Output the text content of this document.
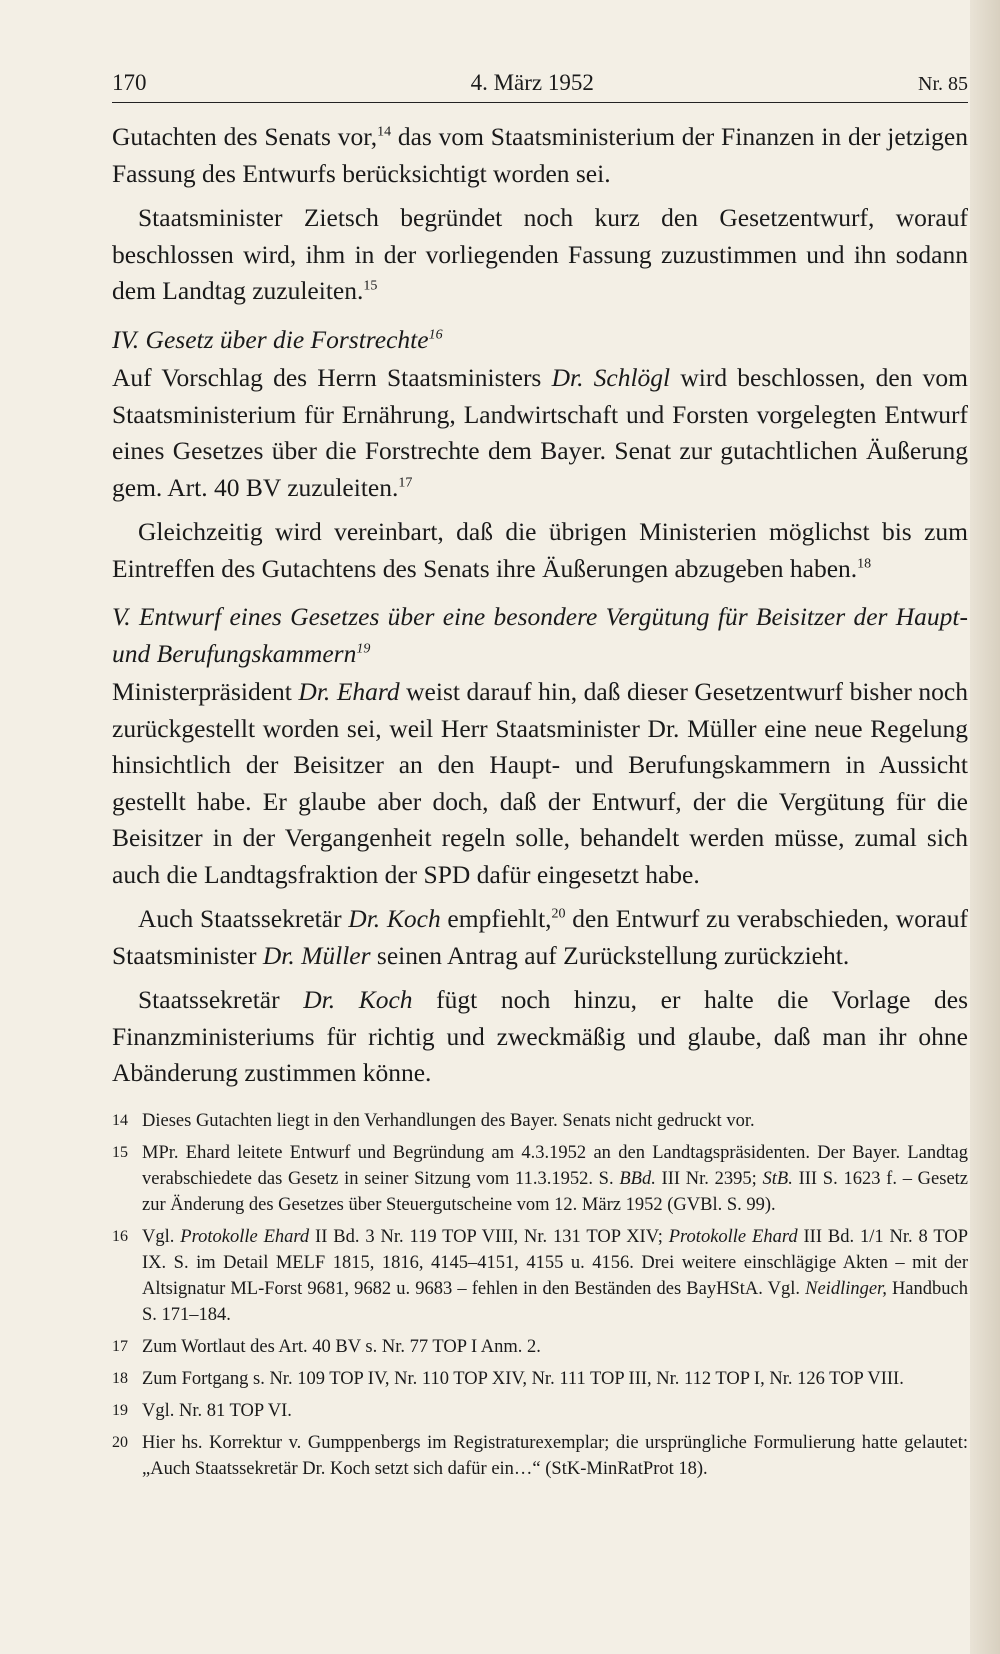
170	4. März 1952	Nr. 85

Gutachten des Senats vor,$^{14}$ das vom Staatsministerium der Finanzen in der jetzigen Fassung des Entwurfs berücksichtigt worden sei.

Staatsminister Zietsch begründet noch kurz den Gesetzentwurf, worauf beschlossen wird, ihm in der vorliegenden Fassung zuzustimmen und ihn sodann dem Landtag zuzuleiten.$^{15}$

IV. Gesetz über die Forstrechte$^{16}$

Auf Vorschlag des Herrn Staatsministers Dr. Schlögl wird beschlossen, den vom Staatsministerium für Ernährung, Landwirtschaft und Forsten vorgelegten Entwurf eines Gesetzes über die Forstrechte dem Bayer. Senat zur gutachtlichen Äußerung gem. Art. 40 BV zuzuleiten.$^{17}$

Gleichzeitig wird vereinbart, daß die übrigen Ministerien möglichst bis zum Eintreffen des Gutachtens des Senats ihre Äußerungen abzugeben haben.$^{18}$

V. Entwurf eines Gesetzes über eine besondere Vergütung für Beisitzer der Haupt- und Berufungskammern$^{19}$

Ministerpräsident Dr. Ehard weist darauf hin, daß dieser Gesetzentwurf bisher noch zurückgestellt worden sei, weil Herr Staatsminister Dr. Müller eine neue Regelung hinsichtlich der Beisitzer an den Haupt- und Berufungskammern in Aussicht gestellt habe. Er glaube aber doch, daß der Entwurf, der die Vergütung für die Beisitzer in der Vergangenheit regeln solle, behandelt werden müsse, zumal sich auch die Landtagsfraktion der SPD dafür eingesetzt habe.

Auch Staatssekretär Dr. Koch empfiehlt,$^{20}$ den Entwurf zu verabschieden, worauf Staatsminister Dr. Müller seinen Antrag auf Zurückstellung zurückzieht.

Staatssekretär Dr. Koch fügt noch hinzu, er halte die Vorlage des Finanzministeriums für richtig und zweckmäßig und glaube, daß man ihr ohne Abänderung zustimmen könne.

14 Dieses Gutachten liegt in den Verhandlungen des Bayer. Senats nicht gedruckt vor.
15 MPr. Ehard leitete Entwurf und Begründung am 4.3.1952 an den Landtagspräsidenten. Der Bayer. Landtag verabschiedete das Gesetz in seiner Sitzung vom 11.3.1952. S. BBd. III Nr. 2395; StB. III S. 1623 f. – Gesetz zur Änderung des Gesetzes über Steuergutscheine vom 12. März 1952 (GVBl. S. 99).
16 Vgl. Protokolle Ehard II Bd. 3 Nr. 119 TOP VIII, Nr. 131 TOP XIV; Protokolle Ehard III Bd. 1/1 Nr. 8 TOP IX. S. im Detail MELF 1815, 1816, 4145–4151, 4155 u. 4156. Drei weitere einschlägige Akten – mit der Altsignatur ML-Forst 9681, 9682 u. 9683 – fehlen in den Beständen des BayHStA. Vgl. Neidlinger, Handbuch S. 171–184.
17 Zum Wortlaut des Art. 40 BV s. Nr. 77 TOP I Anm. 2.
18 Zum Fortgang s. Nr. 109 TOP IV, Nr. 110 TOP XIV, Nr. 111 TOP III, Nr. 112 TOP I, Nr. 126 TOP VIII.
19 Vgl. Nr. 81 TOP VI.
20 Hier hs. Korrektur v. Gumppenbergs im Registraturexemplar; die ursprüngliche Formulierung hatte gelautet: „Auch Staatssekretär Dr. Koch setzt sich dafür ein…“ (StK-MinRatProt 18).
